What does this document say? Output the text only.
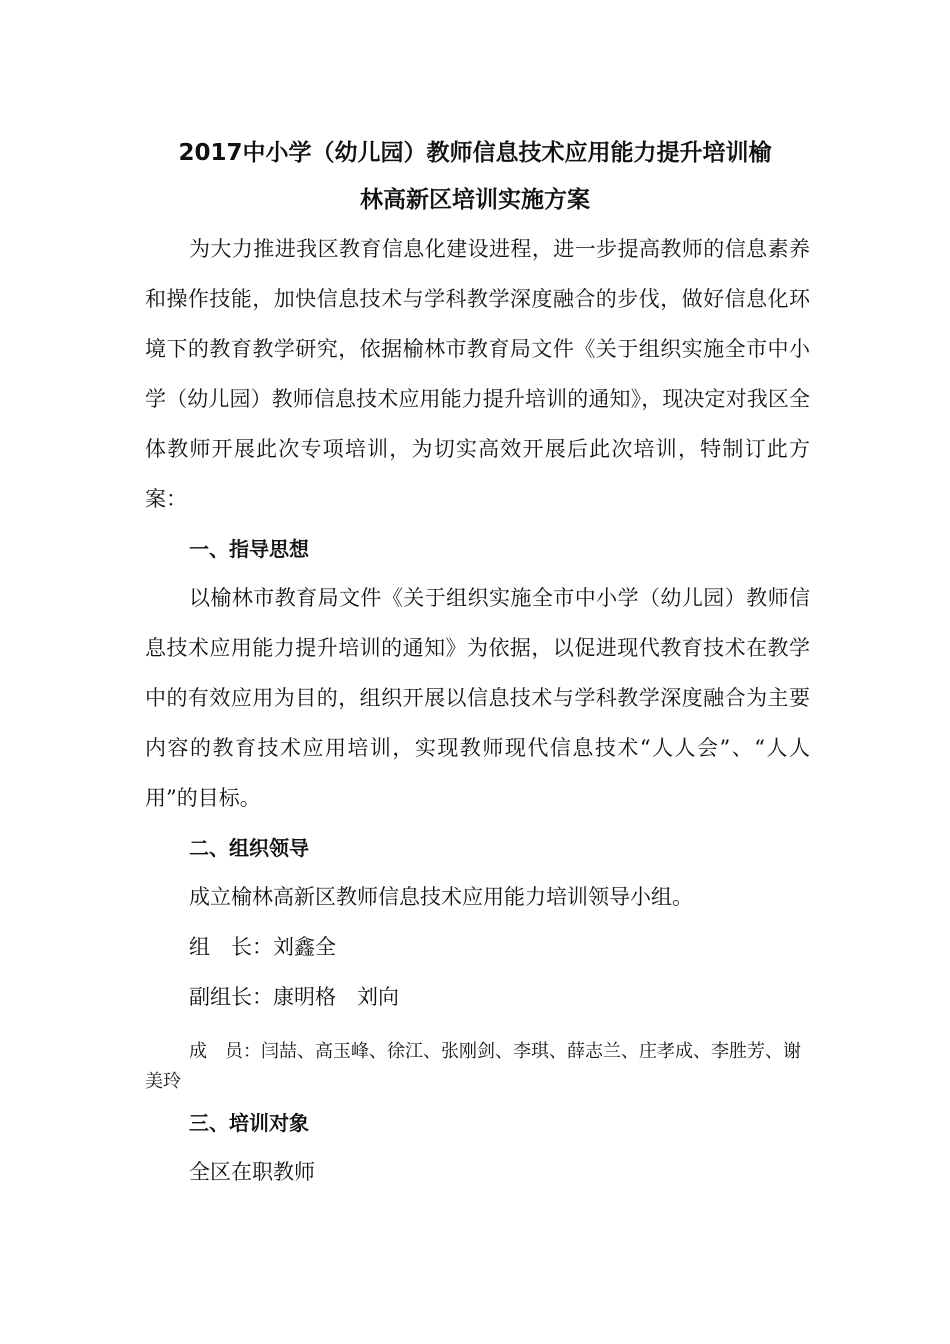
2017中小学（幼儿园）教师信息技术应用能力提升培训榆
林高新区培训实施方案
为大力推进我区教育信息化建设进程，进一步提高教师的信息素养和操作技能，加快信息技术与学科教学深度融合的步伐，做好信息化环境下的教育教学研究，依据榆林市教育局文件《关于组织实施全市中小学（幼儿园）教师信息技术应用能力提升培训的通知》，现决定对我区全体教师开展此次专项培训，为切实高效开展后此次培训，特制订此方案：
一、指导思想
以榆林市教育局文件《关于组织实施全市中小学（幼儿园）教师信息技术应用能力提升培训的通知》为依据，以促进现代教育技术在教学中的有效应用为目的，组织开展以信息技术与学科教学深度融合为主要内容的教育技术应用培训，实现教师现代信息技术“人人会”、“人人用”的目标。
二、组织领导
成立榆林高新区教师信息技术应用能力培训领导小组。
组　长：刘鑫全
副组长：康明格　刘向
成　员：闫喆、高玉峰、徐江、张刚剑、李琪、薛志兰、庄孝成、李胜芳、谢美玲
三、培训对象
全区在职教师
